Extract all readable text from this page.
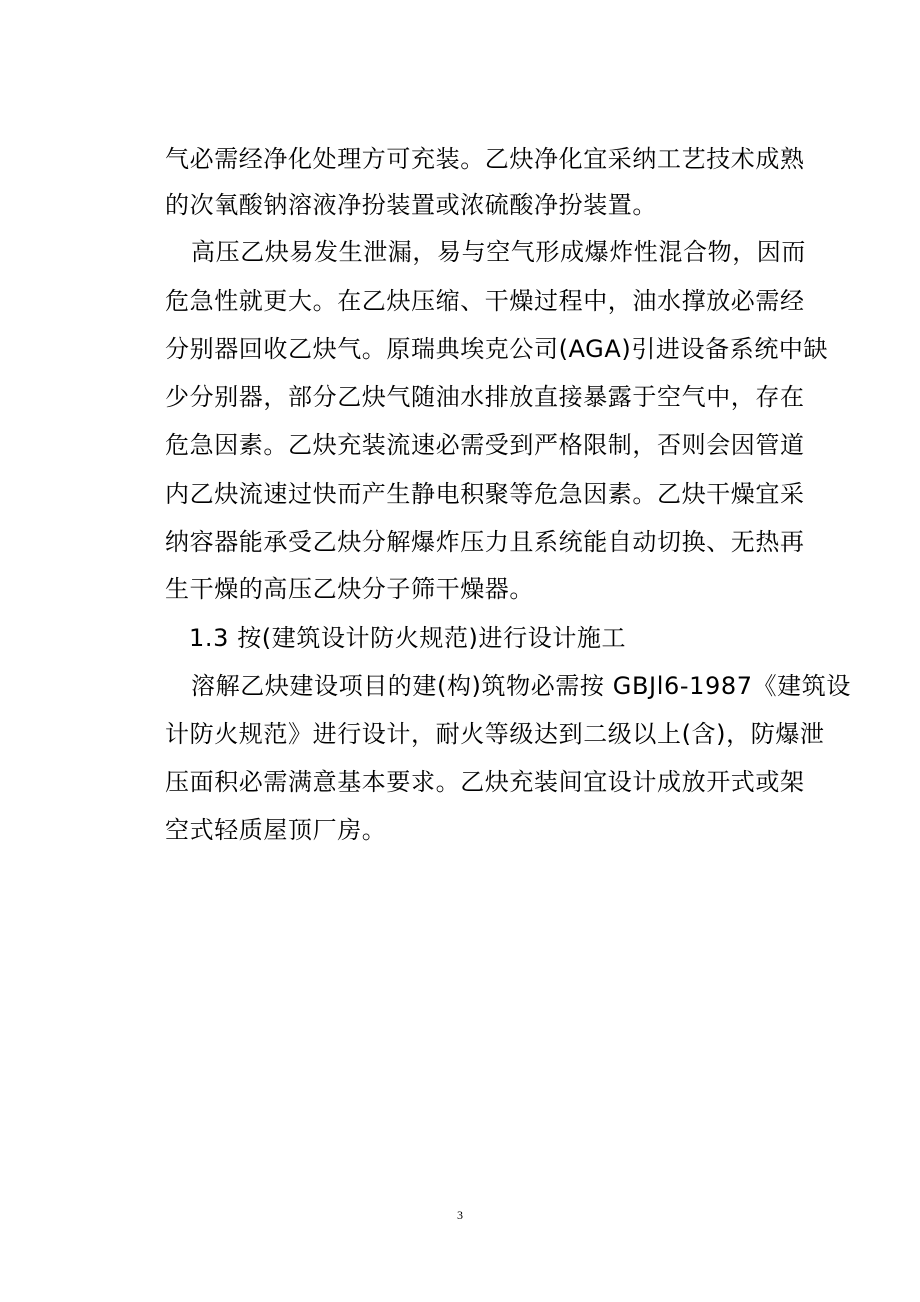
气必需经净化处理方可充装。乙炔净化宜采纳工艺技术成熟
的次氧酸钠溶液净扮装置或浓硫酸净扮装置。
高压乙炔易发生泄漏，易与空气形成爆炸性混合物，因而
危急性就更大。在乙炔压缩、干燥过程中，油水撑放必需经
分别器回收乙炔气。原瑞典埃克公司(AGA)引进设备系统中缺
少分别器，部分乙炔气随油水排放直接暴露于空气中，存在
危急因素。乙炔充装流速必需受到严格限制，否则会因管道
内乙炔流速过快而产生静电积聚等危急因素。乙炔干燥宜采
纳容器能承受乙炔分解爆炸压力且系统能自动切换、无热再
生干燥的高压乙炔分子筛干燥器。
1.3 按(建筑设计防火规范)进行设计施工
溶解乙炔建设项目的建(构)筑物必需按 GBJl6-1987《建筑设
计防火规范》进行设计，耐火等级达到二级以上(含)，防爆泄
压面积必需满意基本要求。乙炔充装间宜设计成放开式或架
空式轻质屋顶厂房。
3
